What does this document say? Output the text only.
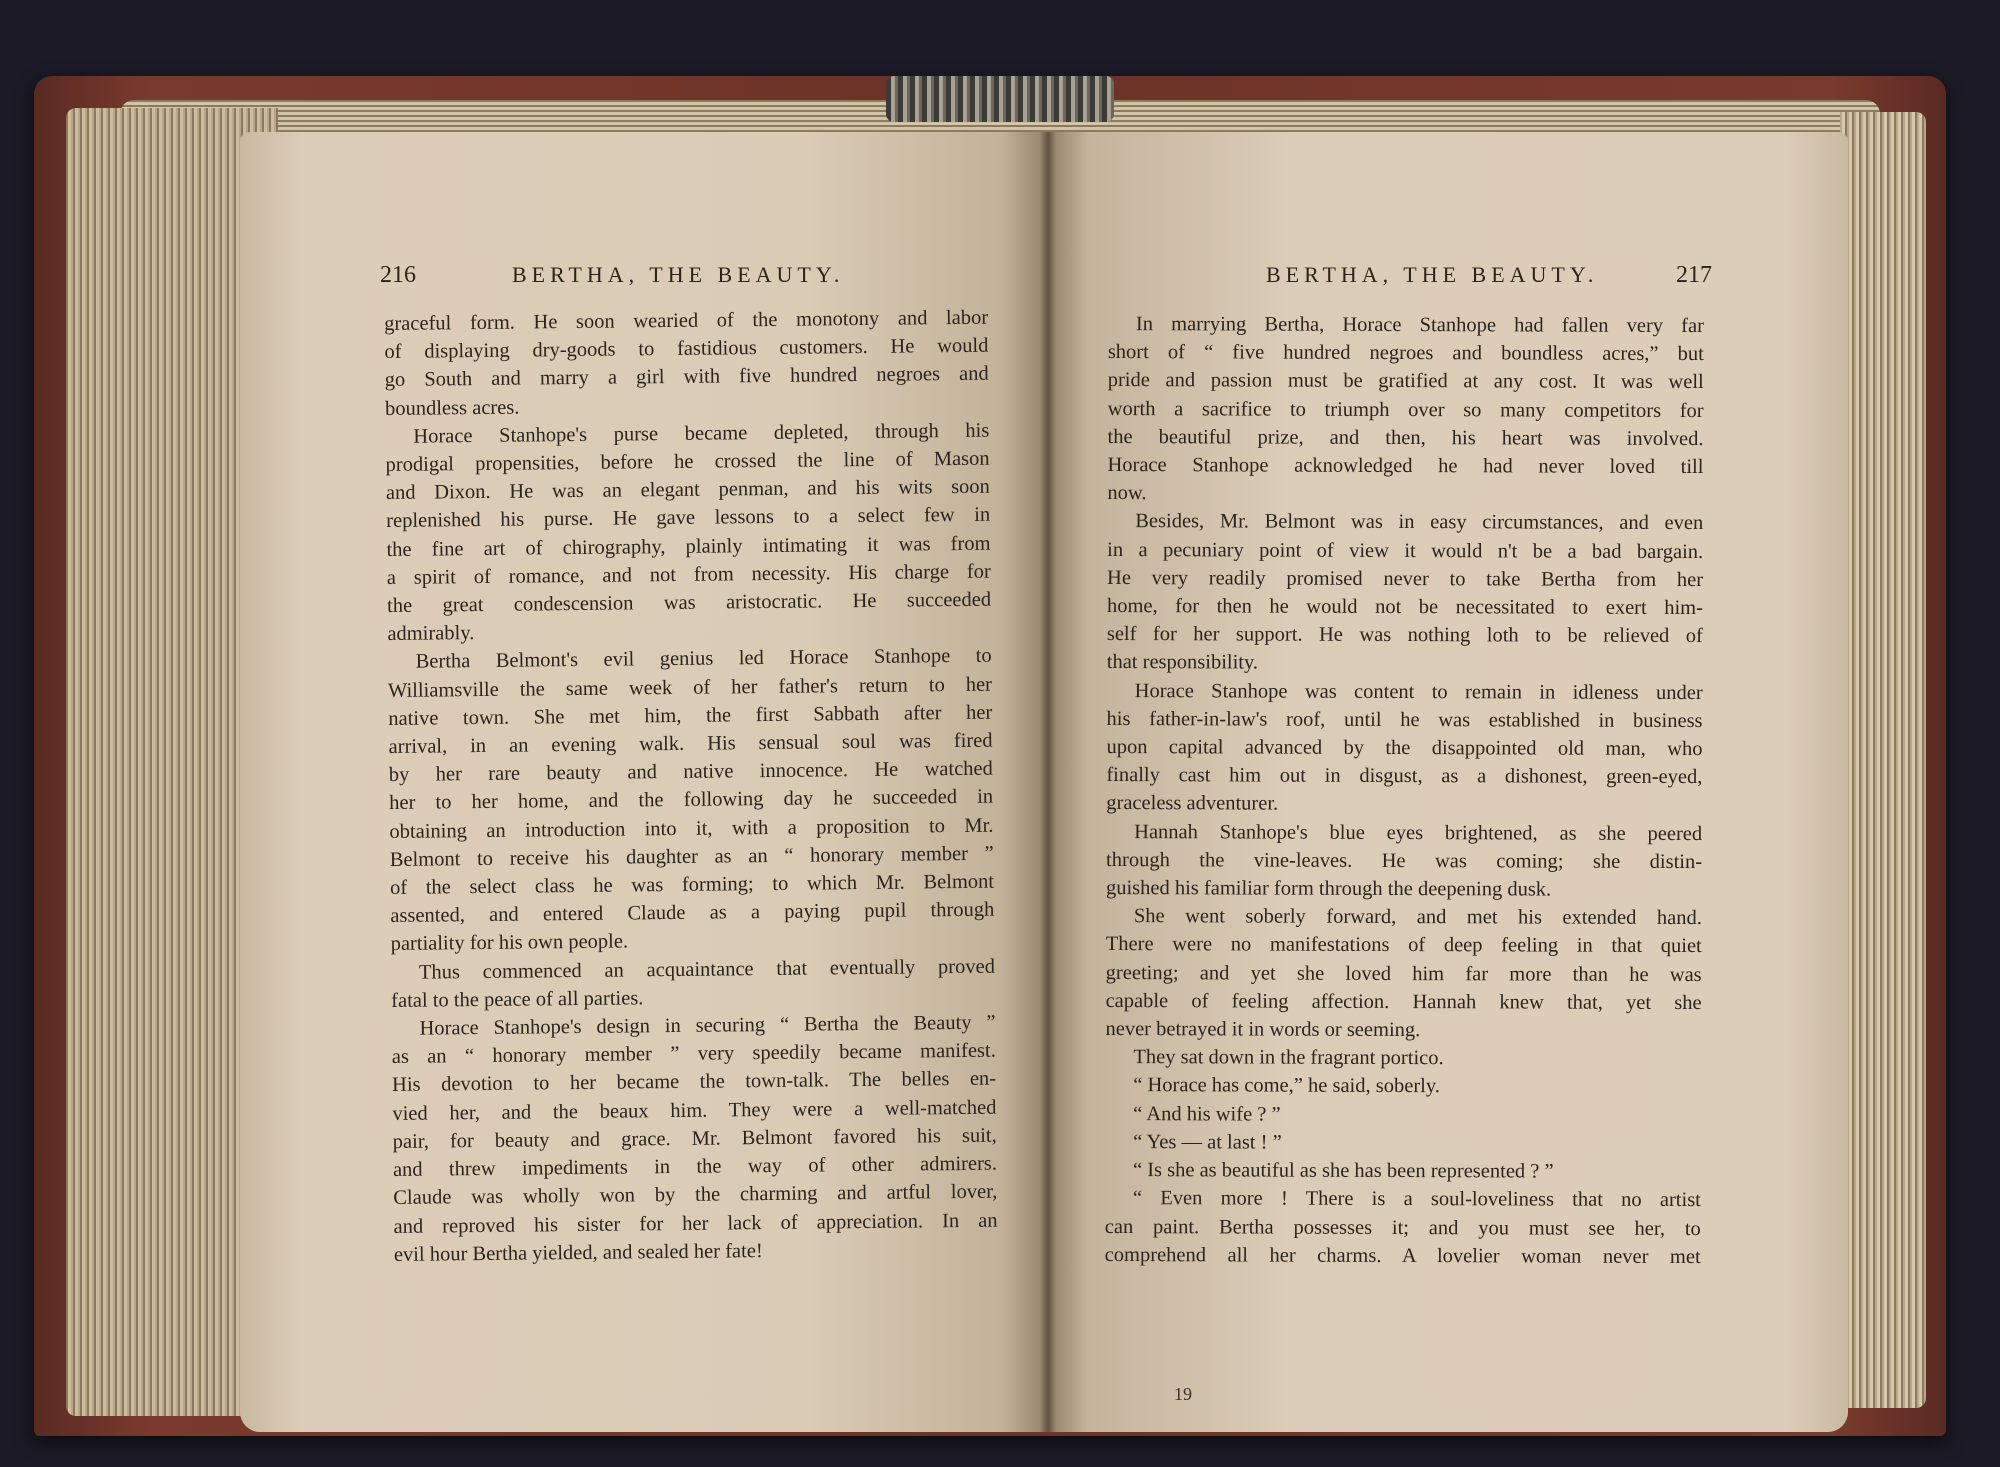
216	BERTHA, THE BEAUTY.
graceful form. He soon wearied of the monotony and labor
of displaying dry-goods to fastidious customers. He would
go South and marry a girl with five hundred negroes and
boundless acres.
Horace Stanhope's purse became depleted, through his
prodigal propensities, before he crossed the line of Mason
and Dixon. He was an elegant penman, and his wits soon
replenished his purse. He gave lessons to a select few in
the fine art of chirography, plainly intimating it was from
a spirit of romance, and not from necessity. His charge for
the great condescension was aristocratic. He succeeded
admirably.
Bertha Belmont's evil genius led Horace Stanhope to
Williamsville the same week of her father's return to her
native town. She met him, the first Sabbath after her
arrival, in an evening walk. His sensual soul was fired
by her rare beauty and native innocence. He watched
her to her home, and the following day he succeeded in
obtaining an introduction into it, with a proposition to Mr.
Belmont to receive his daughter as an “ honorary member ”
of the select class he was forming; to which Mr. Belmont
assented, and entered Claude as a paying pupil through
partiality for his own people.
Thus commenced an acquaintance that eventually proved
fatal to the peace of all parties.
Horace Stanhope's design in securing “ Bertha the Beauty ”
as an “ honorary member ” very speedily became manifest.
His devotion to her became the town-talk. The belles en-
vied her, and the beaux him. They were a well-matched
pair, for beauty and grace. Mr. Belmont favored his suit,
and threw impediments in the way of other admirers.
Claude was wholly won by the charming and artful lover,
and reproved his sister for her lack of appreciation. In an
evil hour Bertha yielded, and sealed her fate!
BERTHA, THE BEAUTY.	217
In marrying Bertha, Horace Stanhope had fallen very far
short of “ five hundred negroes and boundless acres,” but
pride and passion must be gratified at any cost. It was well
worth a sacrifice to triumph over so many competitors for
the beautiful prize, and then, his heart was involved.
Horace Stanhope acknowledged he had never loved till
now.
Besides, Mr. Belmont was in easy circumstances, and even
in a pecuniary point of view it would n't be a bad bargain.
He very readily promised never to take Bertha from her
home, for then he would not be necessitated to exert him-
self for her support. He was nothing loth to be relieved of
that responsibility.
Horace Stanhope was content to remain in idleness under
his father-in-law's roof, until he was established in business
upon capital advanced by the disappointed old man, who
finally cast him out in disgust, as a dishonest, green-eyed,
graceless adventurer.
Hannah Stanhope's blue eyes brightened, as she peered
through the vine-leaves. He was coming; she distin-
guished his familiar form through the deepening dusk.
She went soberly forward, and met his extended hand.
There were no manifestations of deep feeling in that quiet
greeting; and yet she loved him far more than he was
capable of feeling affection. Hannah knew that, yet she
never betrayed it in words or seeming.
They sat down in the fragrant portico.
“ Horace has come,” he said, soberly.
“ And his wife ? ”
“ Yes — at last ! ”
“ Is she as beautiful as she has been represented ? ”
“ Even more ! There is a soul-loveliness that no artist
can paint. Bertha possesses it; and you must see her, to
comprehend all her charms. A lovelier woman never met
19
